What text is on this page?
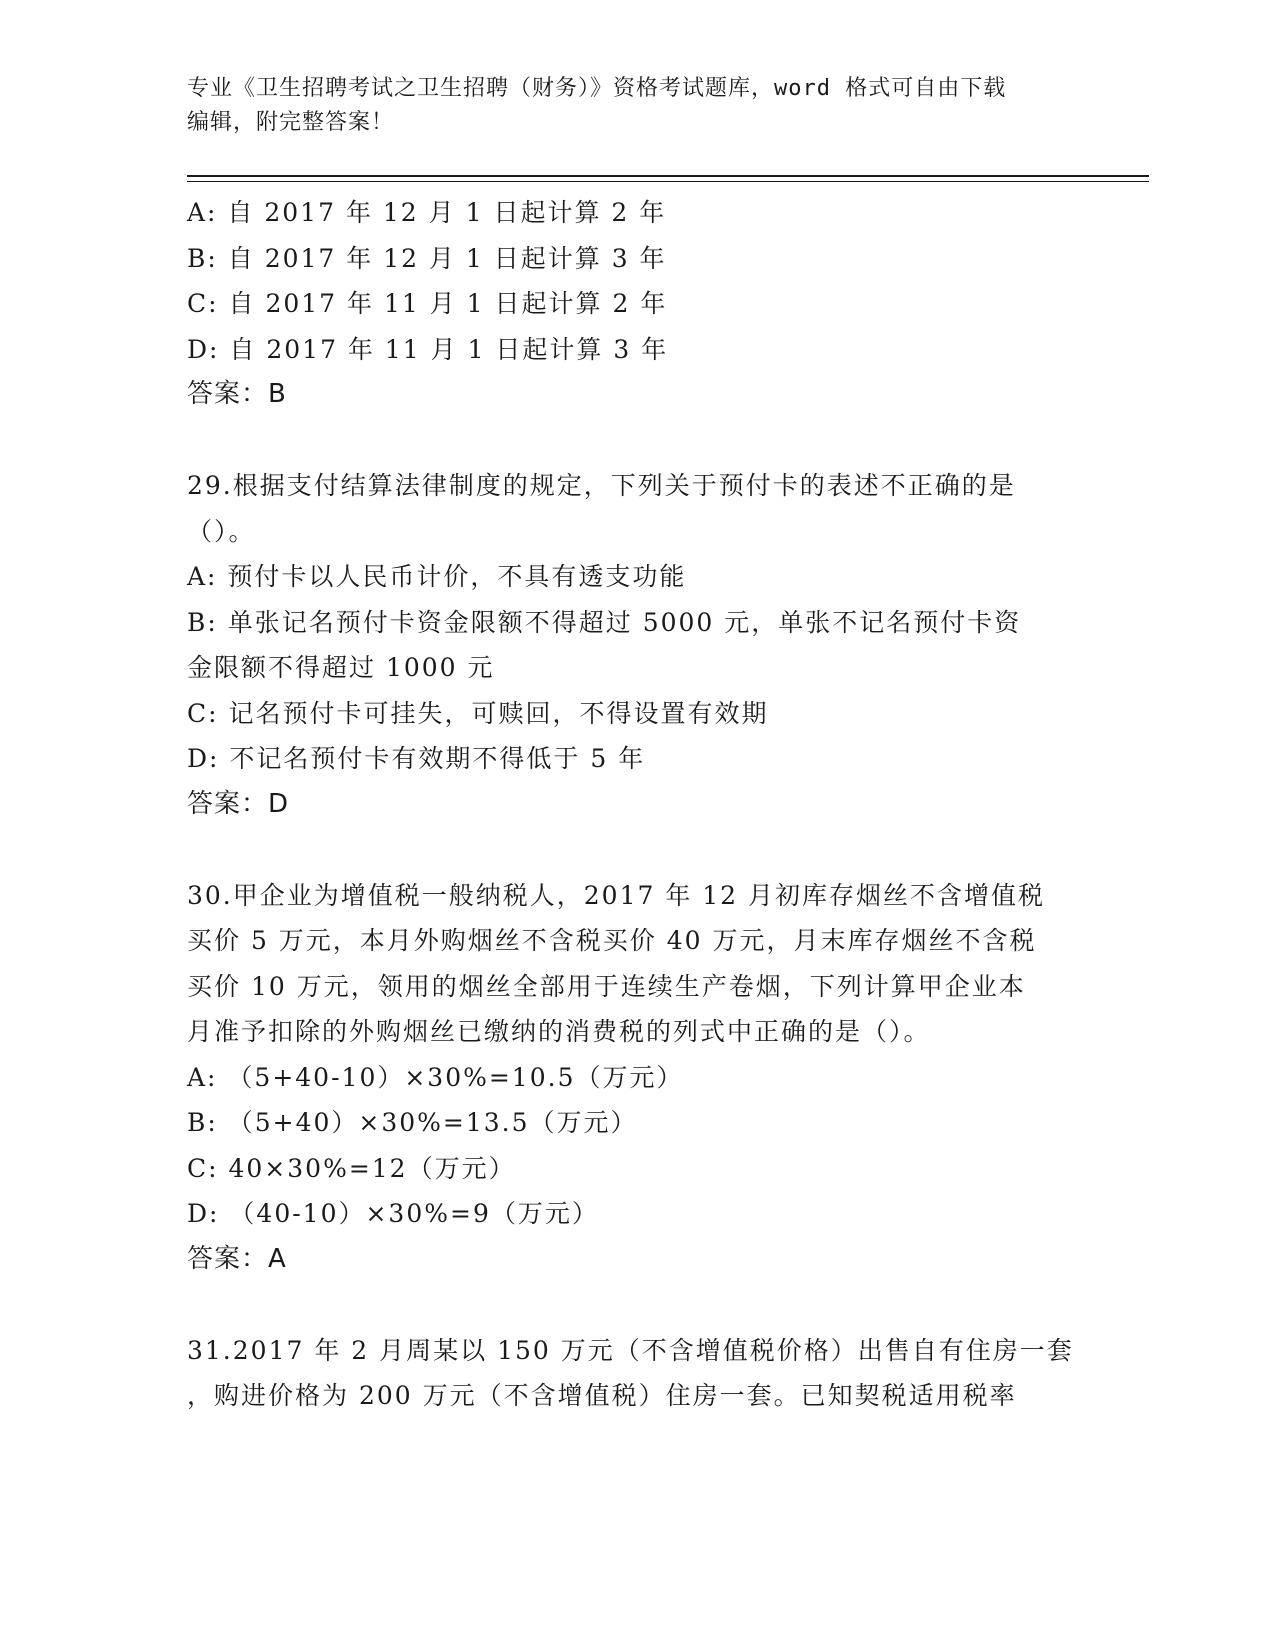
专业《卫生招聘考试之卫生招聘（财务）》资格考试题库，word 格式可自由下载
编辑，附完整答案！
A: 自 2017 年 12 月 1 日起计算 2 年
B: 自 2017 年 12 月 1 日起计算 3 年
C: 自 2017 年 11 月 1 日起计算 2 年
D: 自 2017 年 11 月 1 日起计算 3 年
答案：B
29.根据支付结算法律制度的规定，下列关于预付卡的表述不正确的是
（）。
A: 预付卡以人民币计价，不具有透支功能
B: 单张记名预付卡资金限额不得超过 5000 元，单张不记名预付卡资
金限额不得超过 1000 元
C: 记名预付卡可挂失，可赎回，不得设置有效期
D: 不记名预付卡有效期不得低于 5 年
答案：D
30.甲企业为增值税一般纳税人，2017 年 12 月初库存烟丝不含增值税
买价 5 万元，本月外购烟丝不含税买价 40 万元，月末库存烟丝不含税
买价 10 万元，领用的烟丝全部用于连续生产卷烟，下列计算甲企业本
月准予扣除的外购烟丝已缴纳的消费税的列式中正确的是（）。
A: （5+40-10）×30%=10.5（万元）
B: （5+40）×30%=13.5（万元）
C: 40×30%=12（万元）
D: （40-10）×30%=9（万元）
答案：A
31.2017 年 2 月周某以 150 万元（不含增值税价格）出售自有住房一套
，购进价格为 200 万元（不含增值税）住房一套。已知契税适用税率
